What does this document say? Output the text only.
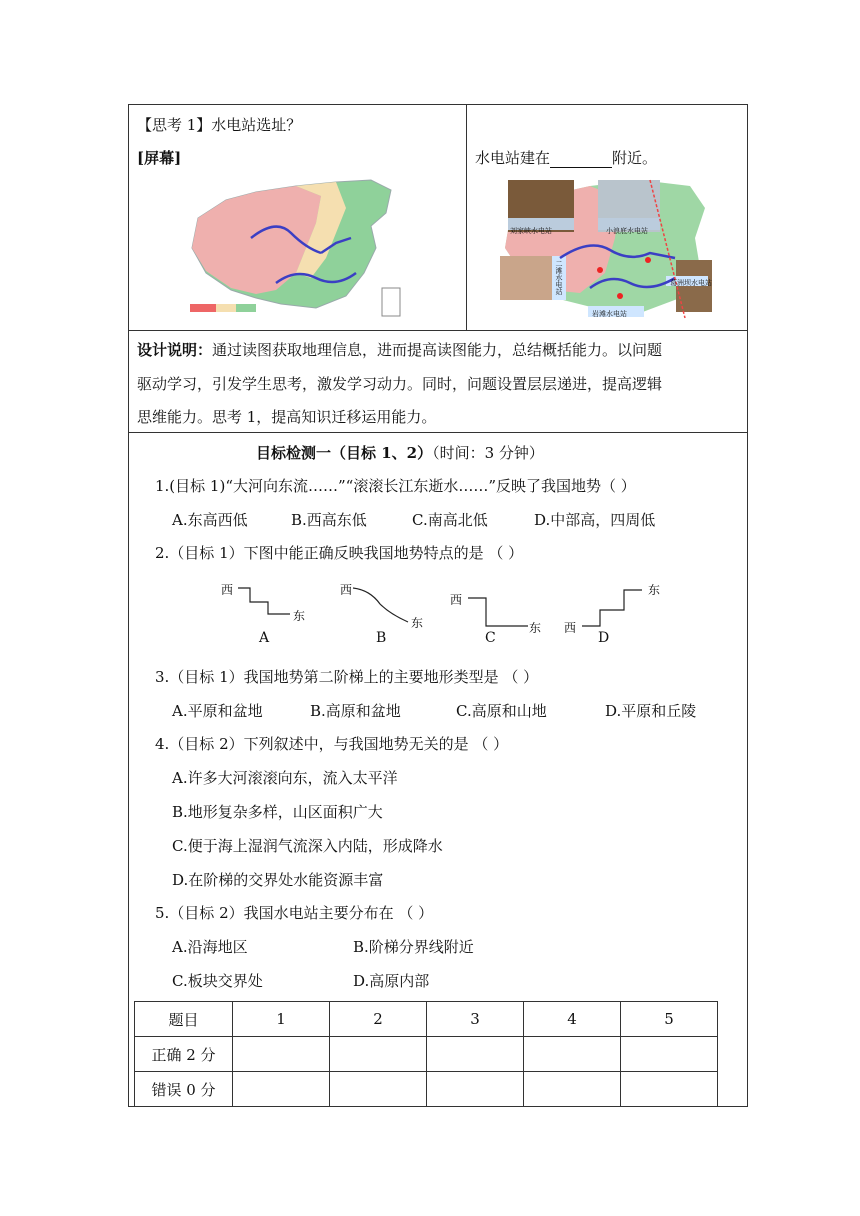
【思考 1】水电站选址？
[屏幕]	水电站建在	附近。
刘家峡水电站	小浪底水电站
二滩水电站	葛洲坝水电站
岩滩水电站
设计说明：通过读图获取地理信息，进而提高读图能力，总结概括能力。以问题
驱动学习，引发学生思考，激发学习动力。同时，问题设置层层递进，提高逻辑
思维能力。思考 1，提高知识迁移运用能力。
目标检测一（目标 1、2）（时间：3 分钟）
1.(目标 1)“大河向东流……”“滚滚长江东逝水……”反映了我国地势（ ）
A.东高西低	B.西高东低	C.南高北低	D.中部高，四周低
2.（目标 1）下图中能正确反映我国地势特点的是 （ ）
西
东
A
西
东
B
西
东
C
西
东
D
3.（目标 1）我国地势第二阶梯上的主要地形类型是 （ ）
A.平原和盆地	B.高原和盆地	C.高原和山地	D.平原和丘陵
4.（目标 2）下列叙述中，与我国地势无关的是 （ ）
A.许多大河滚滚向东，流入太平洋
B.地形复杂多样，山区面积广大
C.便于海上湿润气流深入内陆，形成降水
D.在阶梯的交界处水能资源丰富
5.（目标 2）我国水电站主要分布在 （ ）
A.沿海地区	B.阶梯分界线附近
C.板块交界处	D.高原内部
题目	1	2	3	4	5
正确 2 分					
错误 0 分					
